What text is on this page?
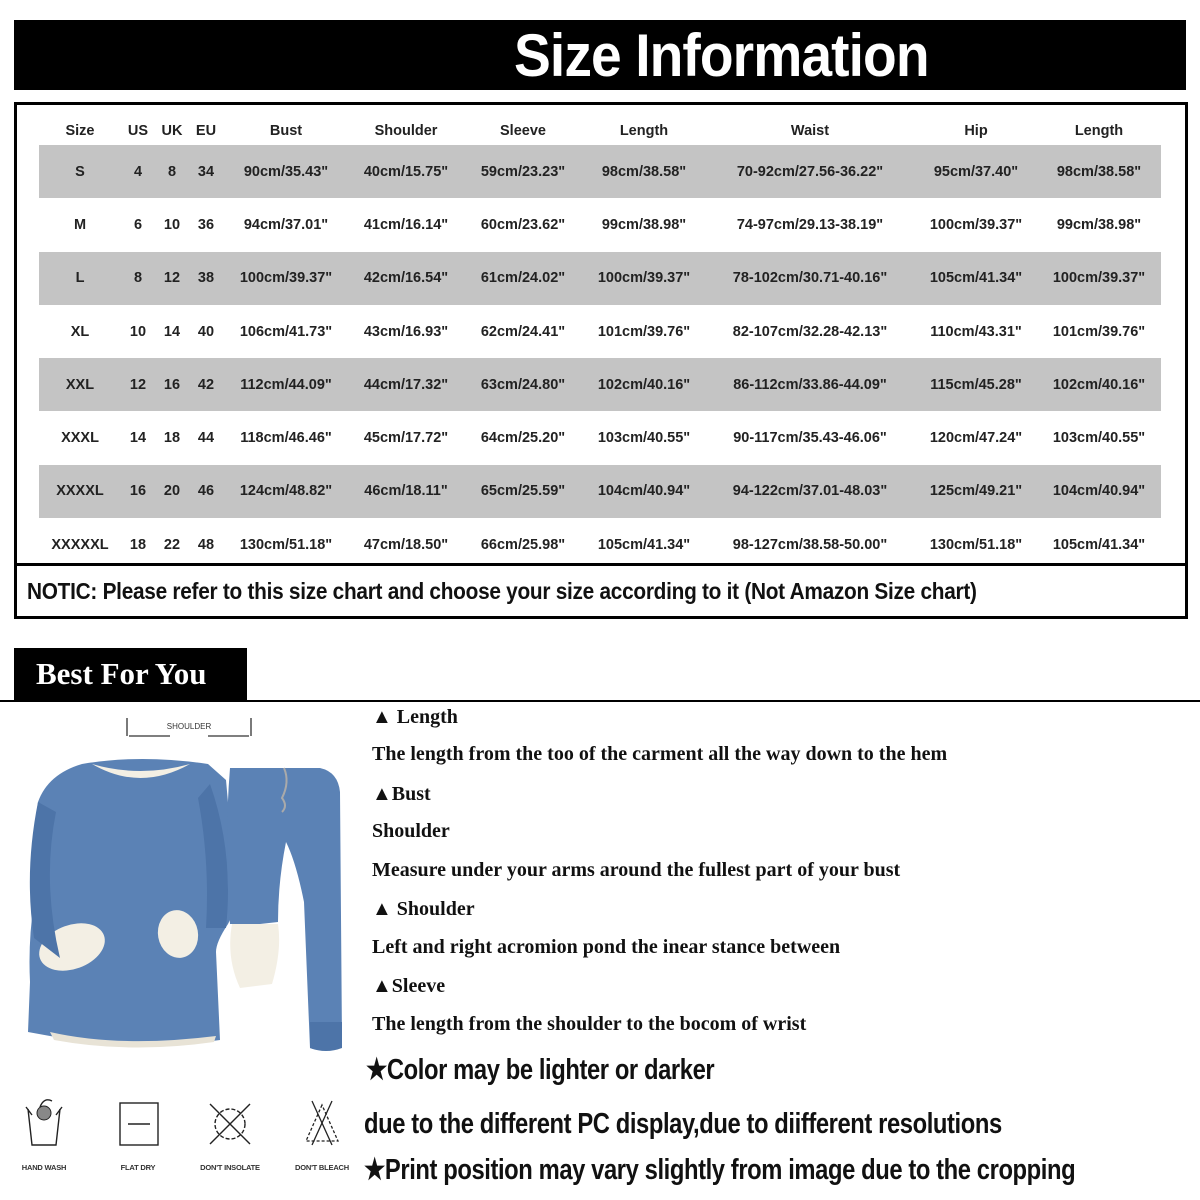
Size Information
Size	US	UK	EU	Bust	Shoulder	Sleeve	Length	Waist	Hip	Length
S	4	8	34	90cm/35.43"	40cm/15.75"	59cm/23.23"	98cm/38.58"	70-92cm/27.56-36.22"	95cm/37.40"	98cm/38.58"
M	6	10	36	94cm/37.01"	41cm/16.14"	60cm/23.62"	99cm/38.98"	74-97cm/29.13-38.19"	100cm/39.37"	99cm/38.98"
L	8	12	38	100cm/39.37"	42cm/16.54"	61cm/24.02"	100cm/39.37"	78-102cm/30.71-40.16"	105cm/41.34"	100cm/39.37"
XL	10	14	40	106cm/41.73"	43cm/16.93"	62cm/24.41"	101cm/39.76"	82-107cm/32.28-42.13"	110cm/43.31"	101cm/39.76"
XXL	12	16	42	112cm/44.09"	44cm/17.32"	63cm/24.80"	102cm/40.16"	86-112cm/33.86-44.09"	115cm/45.28"	102cm/40.16"
XXXL	14	18	44	118cm/46.46"	45cm/17.72"	64cm/25.20"	103cm/40.55"	90-117cm/35.43-46.06"	120cm/47.24"	103cm/40.55"
XXXXL	16	20	46	124cm/48.82"	46cm/18.11"	65cm/25.59"	104cm/40.94"	94-122cm/37.01-48.03"	125cm/49.21"	104cm/40.94"
XXXXXL	18	22	48	130cm/51.18"	47cm/18.50"	66cm/25.98"	105cm/41.34"	98-127cm/38.58-50.00"	130cm/51.18"	105cm/41.34"
NOTIC: Please refer to this size chart and choose your size according to it (Not Amazon Size chart)
Best For You
SHOULDER
HAND WASH	FLAT DRY	DON'T INSOLATE	DON'T BLEACH
▲ Length
The length from the too of the carment all the way down to the hem
▲Bust
Shoulder
Measure under your arms around the fullest part of your bust
▲ Shoulder
Left and right acromion pond the inear stance between
▲Sleeve
The length from the shoulder to the bocom of wrist
★Color may be lighter or darker
due to the different PC display,due to diifferent resolutions
★Print position may vary slightly from image due to the cropping
